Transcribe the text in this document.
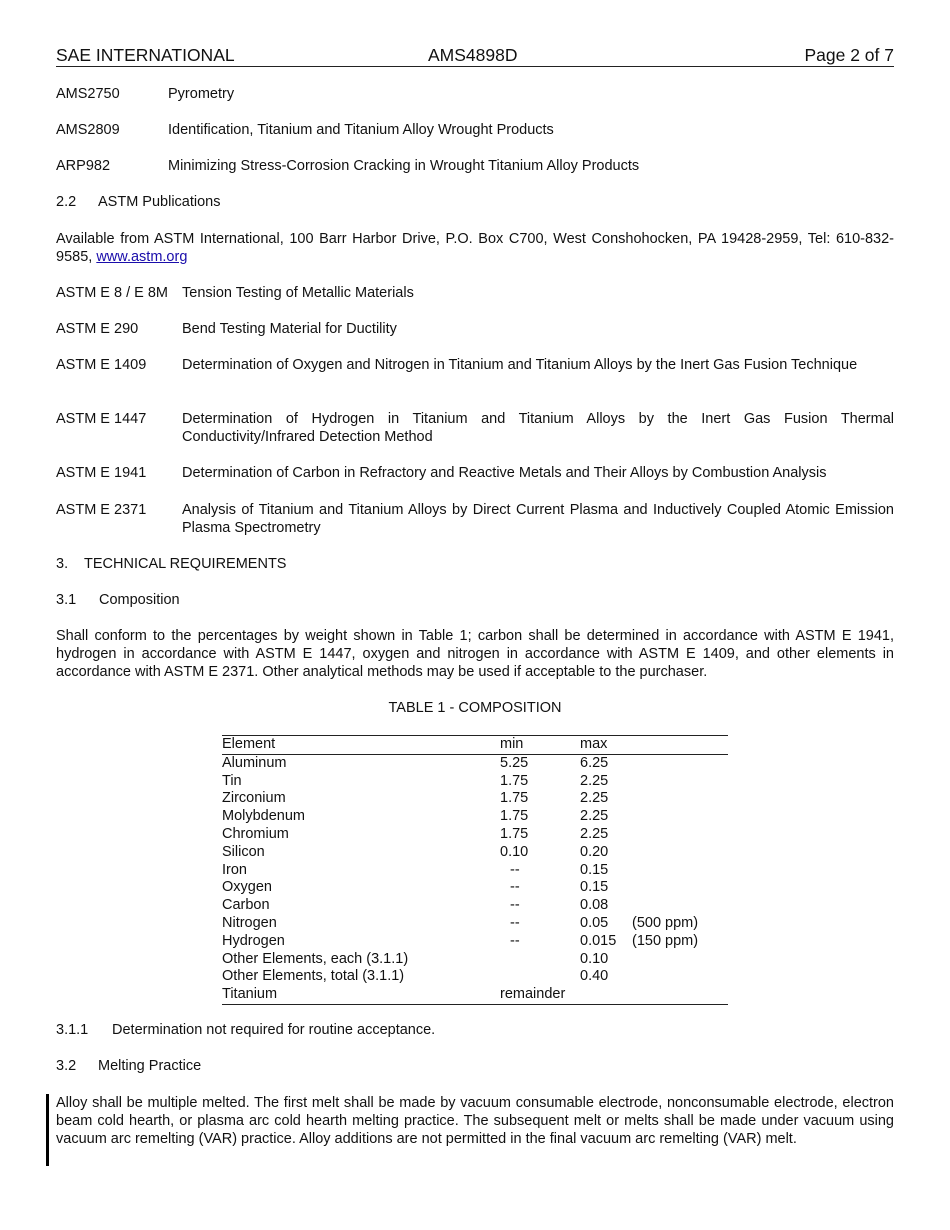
SAE INTERNATIONAL	AMS4898D	Page 2 of 7
AMS2750	Pyrometry
AMS2809	Identification, Titanium and Titanium Alloy Wrought Products
ARP982	Minimizing Stress-Corrosion Cracking in Wrought Titanium Alloy Products
2.2 ASTM Publications
Available from ASTM International, 100 Barr Harbor Drive, P.O. Box C700, West Conshohocken, PA 19428-2959, Tel: 610-832-9585, www.astm.org
ASTM E 8 / E 8M Tension Testing of Metallic Materials
ASTM E 290	Bend Testing Material for Ductility
ASTM E 1409 Determination of Oxygen and Nitrogen in Titanium and Titanium Alloys by the Inert Gas Fusion Technique
ASTM E 1447 Determination of Hydrogen in Titanium and Titanium Alloys by the Inert Gas Fusion Thermal Conductivity/Infrared Detection Method
ASTM E 1941 Determination of Carbon in Refractory and Reactive Metals and Their Alloys by Combustion Analysis
ASTM E 2371 Analysis of Titanium and Titanium Alloys by Direct Current Plasma and Inductively Coupled Atomic Emission Plasma Spectrometry
3. TECHNICAL REQUIREMENTS
3.1 Composition
Shall conform to the percentages by weight shown in Table 1; carbon shall be determined in accordance with ASTM E 1941, hydrogen in accordance with ASTM E 1447, oxygen and nitrogen in accordance with ASTM E 1409, and other elements in accordance with ASTM E 2371. Other analytical methods may be used if acceptable to the purchaser.
TABLE 1 - COMPOSITION
Element	min	max	
Aluminum	5.25	6.25	
Tin	1.75	2.25	
Zirconium	1.75	2.25	
Molybdenum	1.75	2.25	
Chromium	1.75	2.25	
Silicon	0.10	0.20	
Iron	--	0.15	
Oxygen	--	0.15	
Carbon	--	0.08	
Nitrogen	--	0.05	(500 ppm)
Hydrogen	--	0.015	(150 ppm)
Other Elements, each (3.1.1)		0.10	
Other Elements, total (3.1.1)		0.40	
Titanium	remainder		
3.1.1 Determination not required for routine acceptance.
3.2 Melting Practice
Alloy shall be multiple melted. The first melt shall be made by vacuum consumable electrode, nonconsumable electrode, electron beam cold hearth, or plasma arc cold hearth melting practice. The subsequent melt or melts shall be made under vacuum using vacuum arc remelting (VAR) practice. Alloy additions are not permitted in the final vacuum arc remelting (VAR) melt.
